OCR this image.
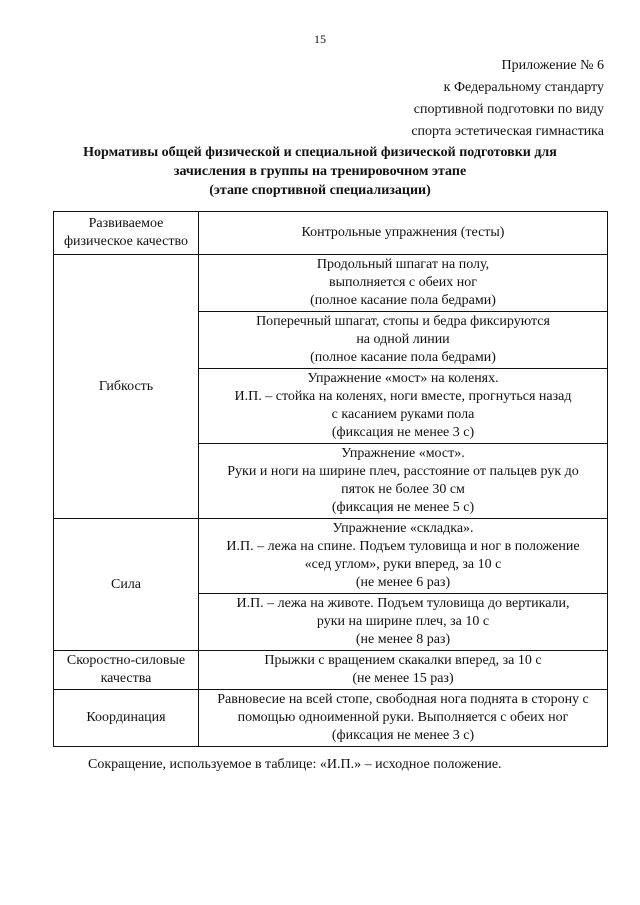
15
Приложение № 6
к Федеральному стандарту
спортивной подготовки по виду
спорта эстетическая гимнастика
Нормативы общей физической и специальной физической подготовки для
зачисления в группы на тренировочном этапе
(этапе спортивной специализации)
Развиваемое
физическое качество	Контрольные упражнения (тесты)
Гибкость	Продольный шпагат на полу,
выполняется с обеих ног
(полное касание пола бедрами)
	Поперечный шпагат, стопы и бедра фиксируются
на одной линии
(полное касание пола бедрами)
	Упражнение «мост» на коленях.
И.П. – стойка на коленях, ноги вместе, прогнуться назад
с касанием руками пола
(фиксация не менее 3 с)
	Упражнение «мост».
Руки и ноги на ширине плеч, расстояние от пальцев рук до
пяток не более 30 см
(фиксация не менее 5 с)
Сила	Упражнение «складка».
И.П. – лежа на спине. Подъем туловища и ног в положение
«сед углом», руки вперед, за 10 с
(не менее 6 раз)
	И.П. – лежа на животе. Подъем туловища до вертикали,
руки на ширине плеч, за 10 с
(не менее 8 раз)
Скоростно-силовые
качества	Прыжки с вращением скакалки вперед, за 10 с
(не менее 15 раз)
Координация	Равновесие на всей стопе, свободная нога поднята в сторону с
помощью одноименной руки. Выполняется с обеих ног
(фиксация не менее 3 с)
Сокращение, используемое в таблице: «И.П.» – исходное положение.
